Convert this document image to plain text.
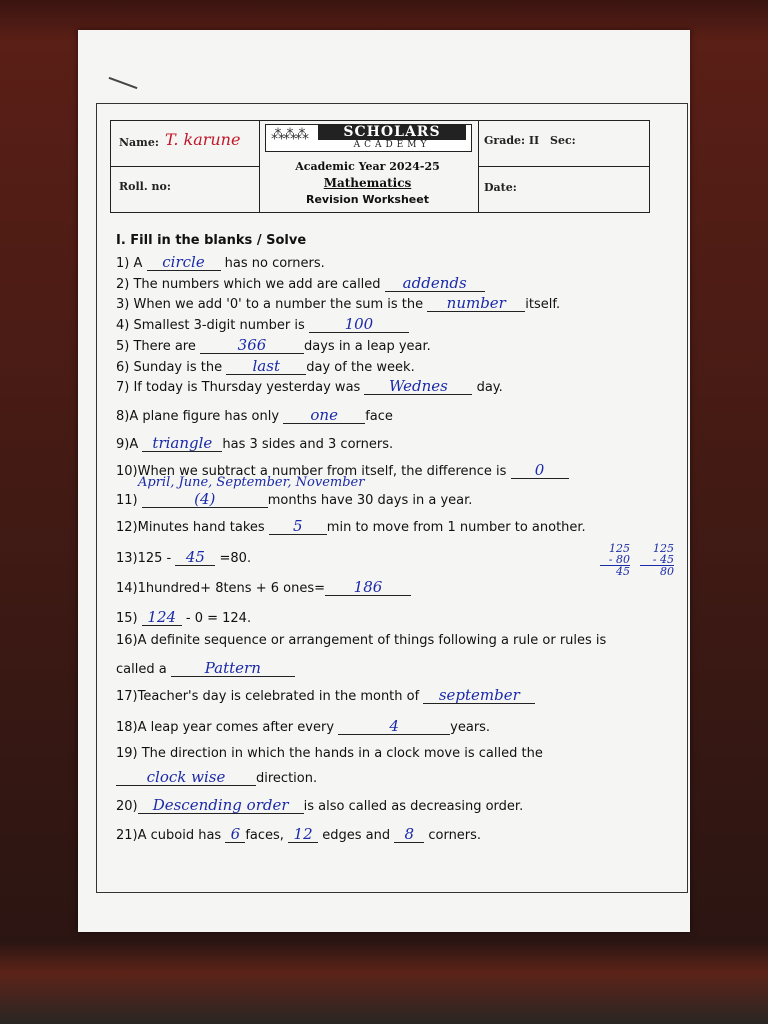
Name: T. karune
Roll. no:
⁂⁂⁂	SCHOLARS
ACADEMY
Academic Year 2024-25
Mathematics
Revision Worksheet
Grade: II Sec:
Date:
I. Fill in the blanks / Solve
1) A circle has no corners.
2) The numbers which we add are called addends
3) When we add '0' to a number the sum is the number itself.
4) Smallest 3-digit number is 100
5) There are	366	days in a leap year.
6) Sunday is the last day of the week.
7) If today is Thursday yesterday was Wednes day.
8)A plane figure has only one face
9)A triangle has 3 sides and 3 corners.
10)When we subtract a number from itself, the difference is 0
April, June, September, November
11)	(4)	months have 30 days in a year.
12)Minutes hand takes 5 min to move from 1 number to another.
13)125 - 45 =80.
14)1hundred+ 8tens + 6 ones= 186
15) 124 - 0 = 124.
16)A definite sequence or arrangement of things following a rule or rules is
called a Pattern
17)Teacher's day is celebrated in the month of september
18)A leap year comes after every	4	years.
19) The direction in which the hands in a clock move is called the
clock wise direction.
20) Descending order is also called as decreasing order.
21)A cuboid has 6 faces, 12 edges and 8 corners.
125
- 80
45
125
- 45
80
